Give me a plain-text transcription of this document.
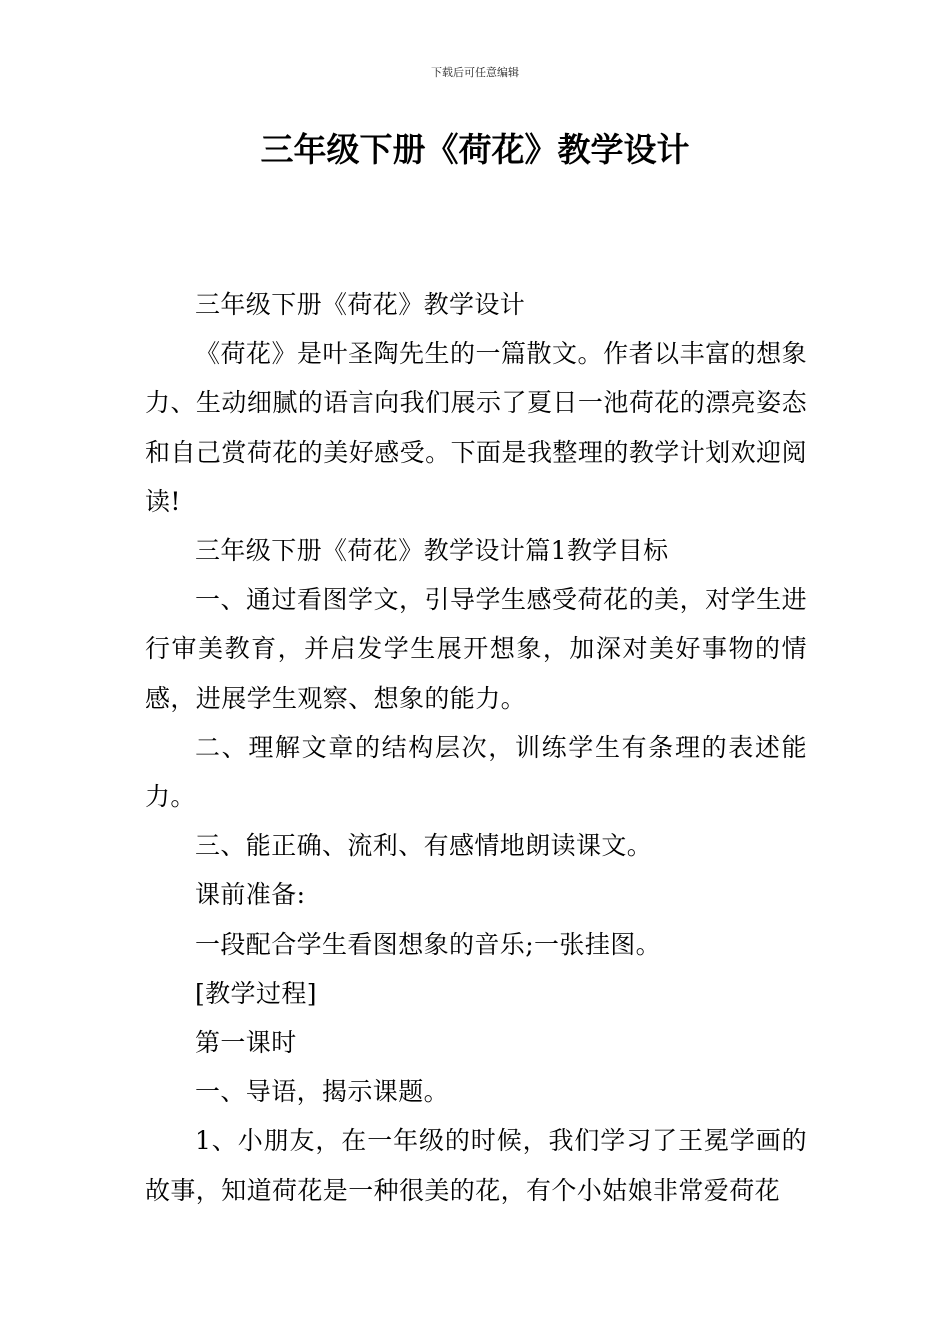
下载后可任意编辑
三年级下册《荷花》教学设计

三年级下册《荷花》教学设计

《荷花》是叶圣陶先生的一篇散文。作者以丰富的想象力、生动细腻的语言向我们展示了夏日一池荷花的漂亮姿态和自己赏荷花的美好感受。下面是我整理的教学计划欢迎阅读!

三年级下册《荷花》教学设计篇1教学目标

一、通过看图学文，引导学生感受荷花的美，对学生进行审美教育，并启发学生展开想象，加深对美好事物的情感，进展学生观察、想象的能力。

二、理解文章的结构层次，训练学生有条理的表述能力。

三、能正确、流利、有感情地朗读课文。

课前准备:

一段配合学生看图想象的音乐;一张挂图。

[教学过程]

第一课时

一、导语，揭示课题。

1、小朋友，在一年级的时候，我们学习了王冕学画的故事，知道荷花是一种很美的花，有个小姑娘非常爱荷花
